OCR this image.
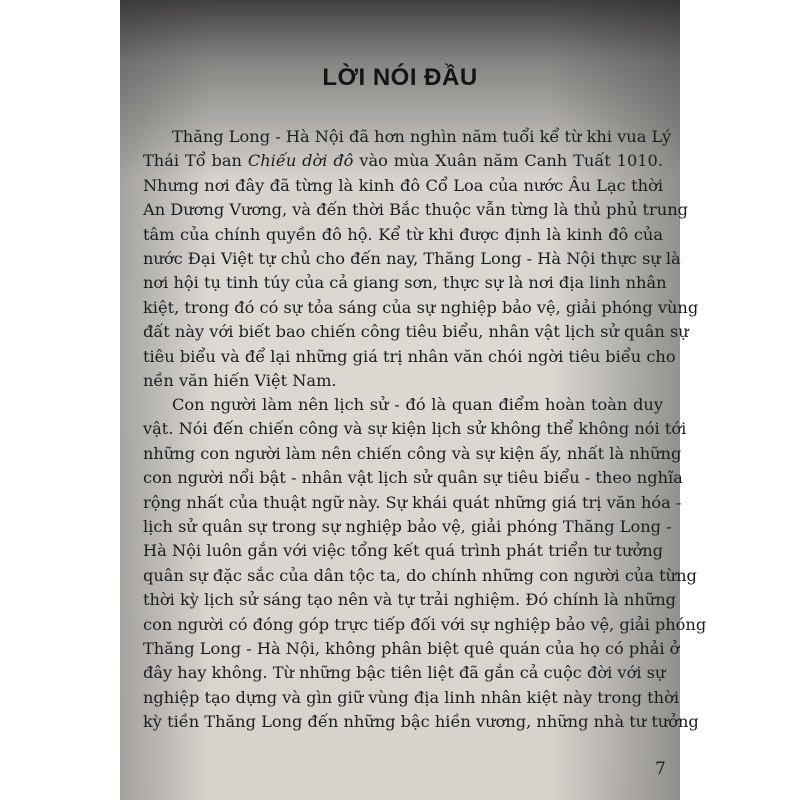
LỜI NÓI ĐẦU
Thăng Long - Hà Nội đã hơn nghìn năm tuổi kể từ khi vua Lý
Thái Tổ ban Chiếu dời đô vào mùa Xuân năm Canh Tuất 1010.
Nhưng nơi đây đã từng là kinh đô Cổ Loa của nước Âu Lạc thời
An Dương Vương, và đến thời Bắc thuộc vẫn từng là thủ phủ trung
tâm của chính quyền đô hộ. Kể từ khi được định là kinh đô của
nước Đại Việt tự chủ cho đến nay, Thăng Long - Hà Nội thực sự là
nơi hội tụ tinh túy của cả giang sơn, thực sự là nơi địa linh nhân
kiệt, trong đó có sự tỏa sáng của sự nghiệp bảo vệ, giải phóng vùng
đất này với biết bao chiến công tiêu biểu, nhân vật lịch sử quân sự
tiêu biểu và để lại những giá trị nhân văn chói ngời tiêu biểu cho
nền văn hiến Việt Nam.
Con người làm nên lịch sử - đó là quan điểm hoàn toàn duy
vật. Nói đến chiến công và sự kiện lịch sử không thể không nói tới
những con người làm nên chiến công và sự kiện ấy, nhất là những
con người nổi bật - nhân vật lịch sử quân sự tiêu biểu - theo nghĩa
rộng nhất của thuật ngữ này. Sự khái quát những giá trị văn hóa -
lịch sử quân sự trong sự nghiệp bảo vệ, giải phóng Thăng Long -
Hà Nội luôn gắn với việc tổng kết quá trình phát triển tư tưởng
quân sự đặc sắc của dân tộc ta, do chính những con người của từng
thời kỳ lịch sử sáng tạo nên và tự trải nghiệm. Đó chính là những
con người có đóng góp trực tiếp đối với sự nghiệp bảo vệ, giải phóng
Thăng Long - Hà Nội, không phân biệt quê quán của họ có phải ở
đây hay không. Từ những bậc tiên liệt đã gắn cả cuộc đời với sự
nghiệp tạo dựng và gìn giữ vùng địa linh nhân kiệt này trong thời
kỳ tiền Thăng Long đến những bậc hiền vương, những nhà tư tưởng
7
